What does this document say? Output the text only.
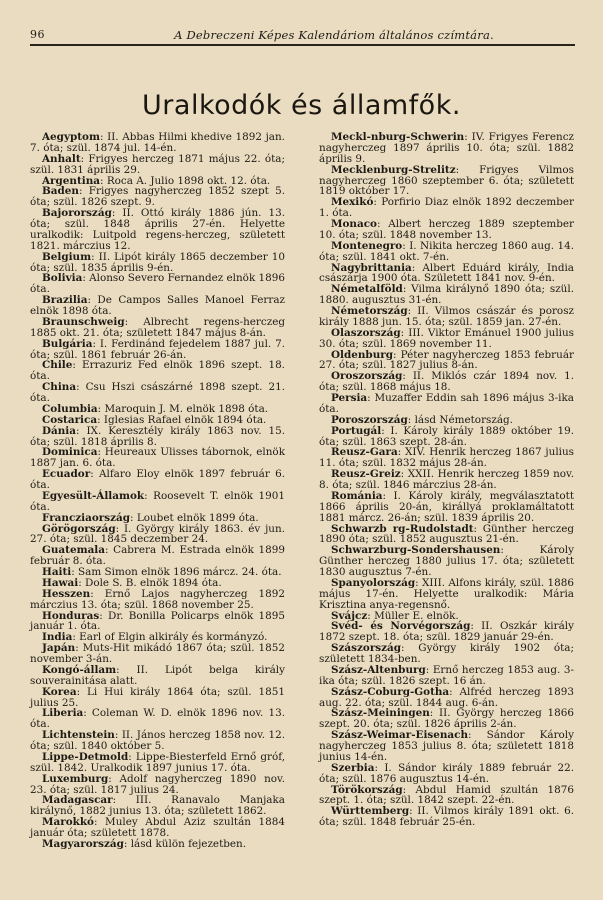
96	A Debreczeni Képes Kalendáriom általános czímtára.
Uralkodók és államfők.

Aegyptom: II. Abbas Hilmi khedive 1892 jan. 7. óta; szül. 1874 jul. 14-én.

Anhalt: Frigyes herczeg 1871 május 22. óta; szül. 1831 április 29.

Argentina: Roca A. Julio 1898 okt. 12. óta.

Baden: Frigyes nagyherczeg 1852 szept 5. óta; szül. 1826 szept. 9.

Bajorország: II. Ottó király 1886 jún. 13. óta; szül. 1848 április 27-én. Helyette uralkodik: Luitpold regens-herczeg, született 1821. márczius 12.

Belgium: II. Lipót király 1865 deczember 10 óta; szül. 1835 április 9-én.

Bolivia: Alonso Severo Fernandez elnök 1896 óta.

Brazilia: De Campos Salles Manoel Ferraz elnök 1898 óta.

Braunschweig: Albrecht regens-herczeg 1885 okt. 21. óta; született 1847 május 8-án.

Bulgária: I. Ferdinánd fejedelem 1887 jul. 7. óta; szül. 1861 február 26-án.

Chile: Errazuriz Fed elnök 1896 szept. 18. óta.

China: Csu Hszi császárné 1898 szept. 21. óta.

Columbia: Maroquin J. M. elnök 1898 óta.

Costarica: Iglesias Rafael elnök 1894 óta.

Dánia: IX. Keresztély király 1863 nov. 15. óta; szül. 1818 április 8.

Dominica: Heureaux Ulisses tábornok, elnök 1887 jan. 6. óta.

Ecuador: Alfaro Eloy elnök 1897 február 6. óta.

Egyesült-Államok: Roosevelt T. elnök 1901 óta.

Francziaország: Loubet elnök 1899 óta.

Görögország: I. György király 1863. év jun. 27. óta; szül. 1845 deczember 24.

Guatemala: Cabrera M. Estrada elnök 1899 február 8. óta.

Haiti: Sam Simon elnök 1896 márcz. 24. óta.

Hawai: Dole S. B. elnök 1894 óta.

Hesszen: Ernő Lajos nagyherczeg 1892 márczius 13. óta; szül. 1868 november 25.

Honduras: Dr. Bonilla Policarps elnök 1895 január 1. óta.

India: Earl of Elgin alkirály és kormányzó.

Japán: Muts-Hit mikádó 1867 óta; szül. 1852 november 3-án.

Kongó-állam: II. Lipót belga király souverainitása alatt.

Korea: Li Hui király 1864 óta; szül. 1851 julius 25.

Liberia: Coleman W. D. elnök 1896 nov. 13. óta.

Lichtenstein: II. János herczeg 1858 nov. 12. óta; szül. 1840 október 5.

Lippe-Detmold: Lippe-Biesterfeld Ernő gróf, szül. 1842. Uralkodik 1897 junius 17. óta.

Luxemburg: Adolf nagyherczeg 1890 nov. 23. óta; szül. 1817 julius 24.

Madagascar: III. Ranavalo Manjaka királynő, 1882 junius 13. óta; született 1862.

Marokkó: Muley Abdul Aziz szultán 1884 január óta; született 1878.

Magyarország: lásd külön fejezetben.

Meckl-nburg-Schwerin: IV. Frigyes Ferencz nagyherczeg 1897 április 10. óta; szül. 1882 április 9.

Mecklenburg-Strelitz: Frigyes Vilmos nagyherczeg 1860 szeptember 6. óta; született 1819 október 17.

Mexikó: Porfirio Diaz elnök 1892 deczember 1. óta.

Monaco: Albert herczeg 1889 szeptember 10. óta; szül. 1848 november 13.

Montenegro: I. Nikita herczeg 1860 aug. 14. óta; szül. 1841 okt. 7-én.

Nagybrittania: Albert Eduárd király, India császárja 1900 óta. Született 1841 nov. 9-én.

Németalföld: Vilma királynő 1890 óta; szül. 1880. augusztus 31-én.

Németország: II. Vilmos császár és porosz király 1888 jun. 15. óta; szül. 1859 jan. 27-én.

Olaszország: III. Viktor Emánuel 1900 julius 30. óta; szül. 1869 november 11.

Oldenburg: Péter nagyherczeg 1853 február 27. óta; szül. 1827 julius 8-án.

Oroszország: II. Miklós czár 1894 nov. 1. óta; szül. 1868 május 18.

Persia: Muzaffer Eddin sah 1896 május 3-ika óta.

Poroszország: lásd Németország.

Portugál: I. Károly király 1889 október 19. óta; szül. 1863 szept. 28-án.

Reusz-Gara: XIV. Henrik herczeg 1867 julius 11. óta; szül. 1832 május 28-án.

Reusz-Greiz: XXII. Henrik herczeg 1859 nov. 8. óta; szül. 1846 márczius 28-án.

Románia: I. Károly király, megválasztatott 1866 április 20-án, királlyá proklamáltatott 1881 márcz. 26-án; szül. 1839 április 20.

Schwarzb rg-Rudolstadt: Günther herczeg 1890 óta; szül. 1852 augusztus 21-én.

Schwarzburg-Sondershausen: Károly Günther herczeg 1880 julius 17. óta; született 1830 augusztus 7-én.

Spanyolország: XIII. Alfons király, szül. 1886 május 17-én. Helyette uralkodik: Mária Krisztina anya-regensnő.

Svájcz: Müller E. elnök.

Svéd- és Norvégország: II. Oszkár király 1872 szept. 18. óta; szül. 1829 január 29-én.

Szászország: György király 1902 óta; született 1834-ben.

Szász-Altenburg: Ernő herczeg 1853 aug. 3-ika óta; szül. 1826 szept. 16 án.

Szász-Coburg-Gotha: Alfréd herczeg 1893 aug. 22. óta; szül. 1844 aug. 6-án.

Szász-Meiningen: II. György herczeg 1866 szept. 20. óta; szül. 1826 április 2-án.

Szász-Weimar-Eisenach: Sándor Károly nagyherczeg 1853 julius 8. óta; született 1818 junius 14-én.

Szerbia: I. Sándor király 1889 február 22. óta; szül. 1876 augusztus 14-én.

Törökország: Abdul Hamid szultán 1876 szept. 1. óta; szül. 1842 szept. 22-én.

Württemberg: II. Vilmos király 1891 okt. 6. óta; szül. 1848 február 25-én.
